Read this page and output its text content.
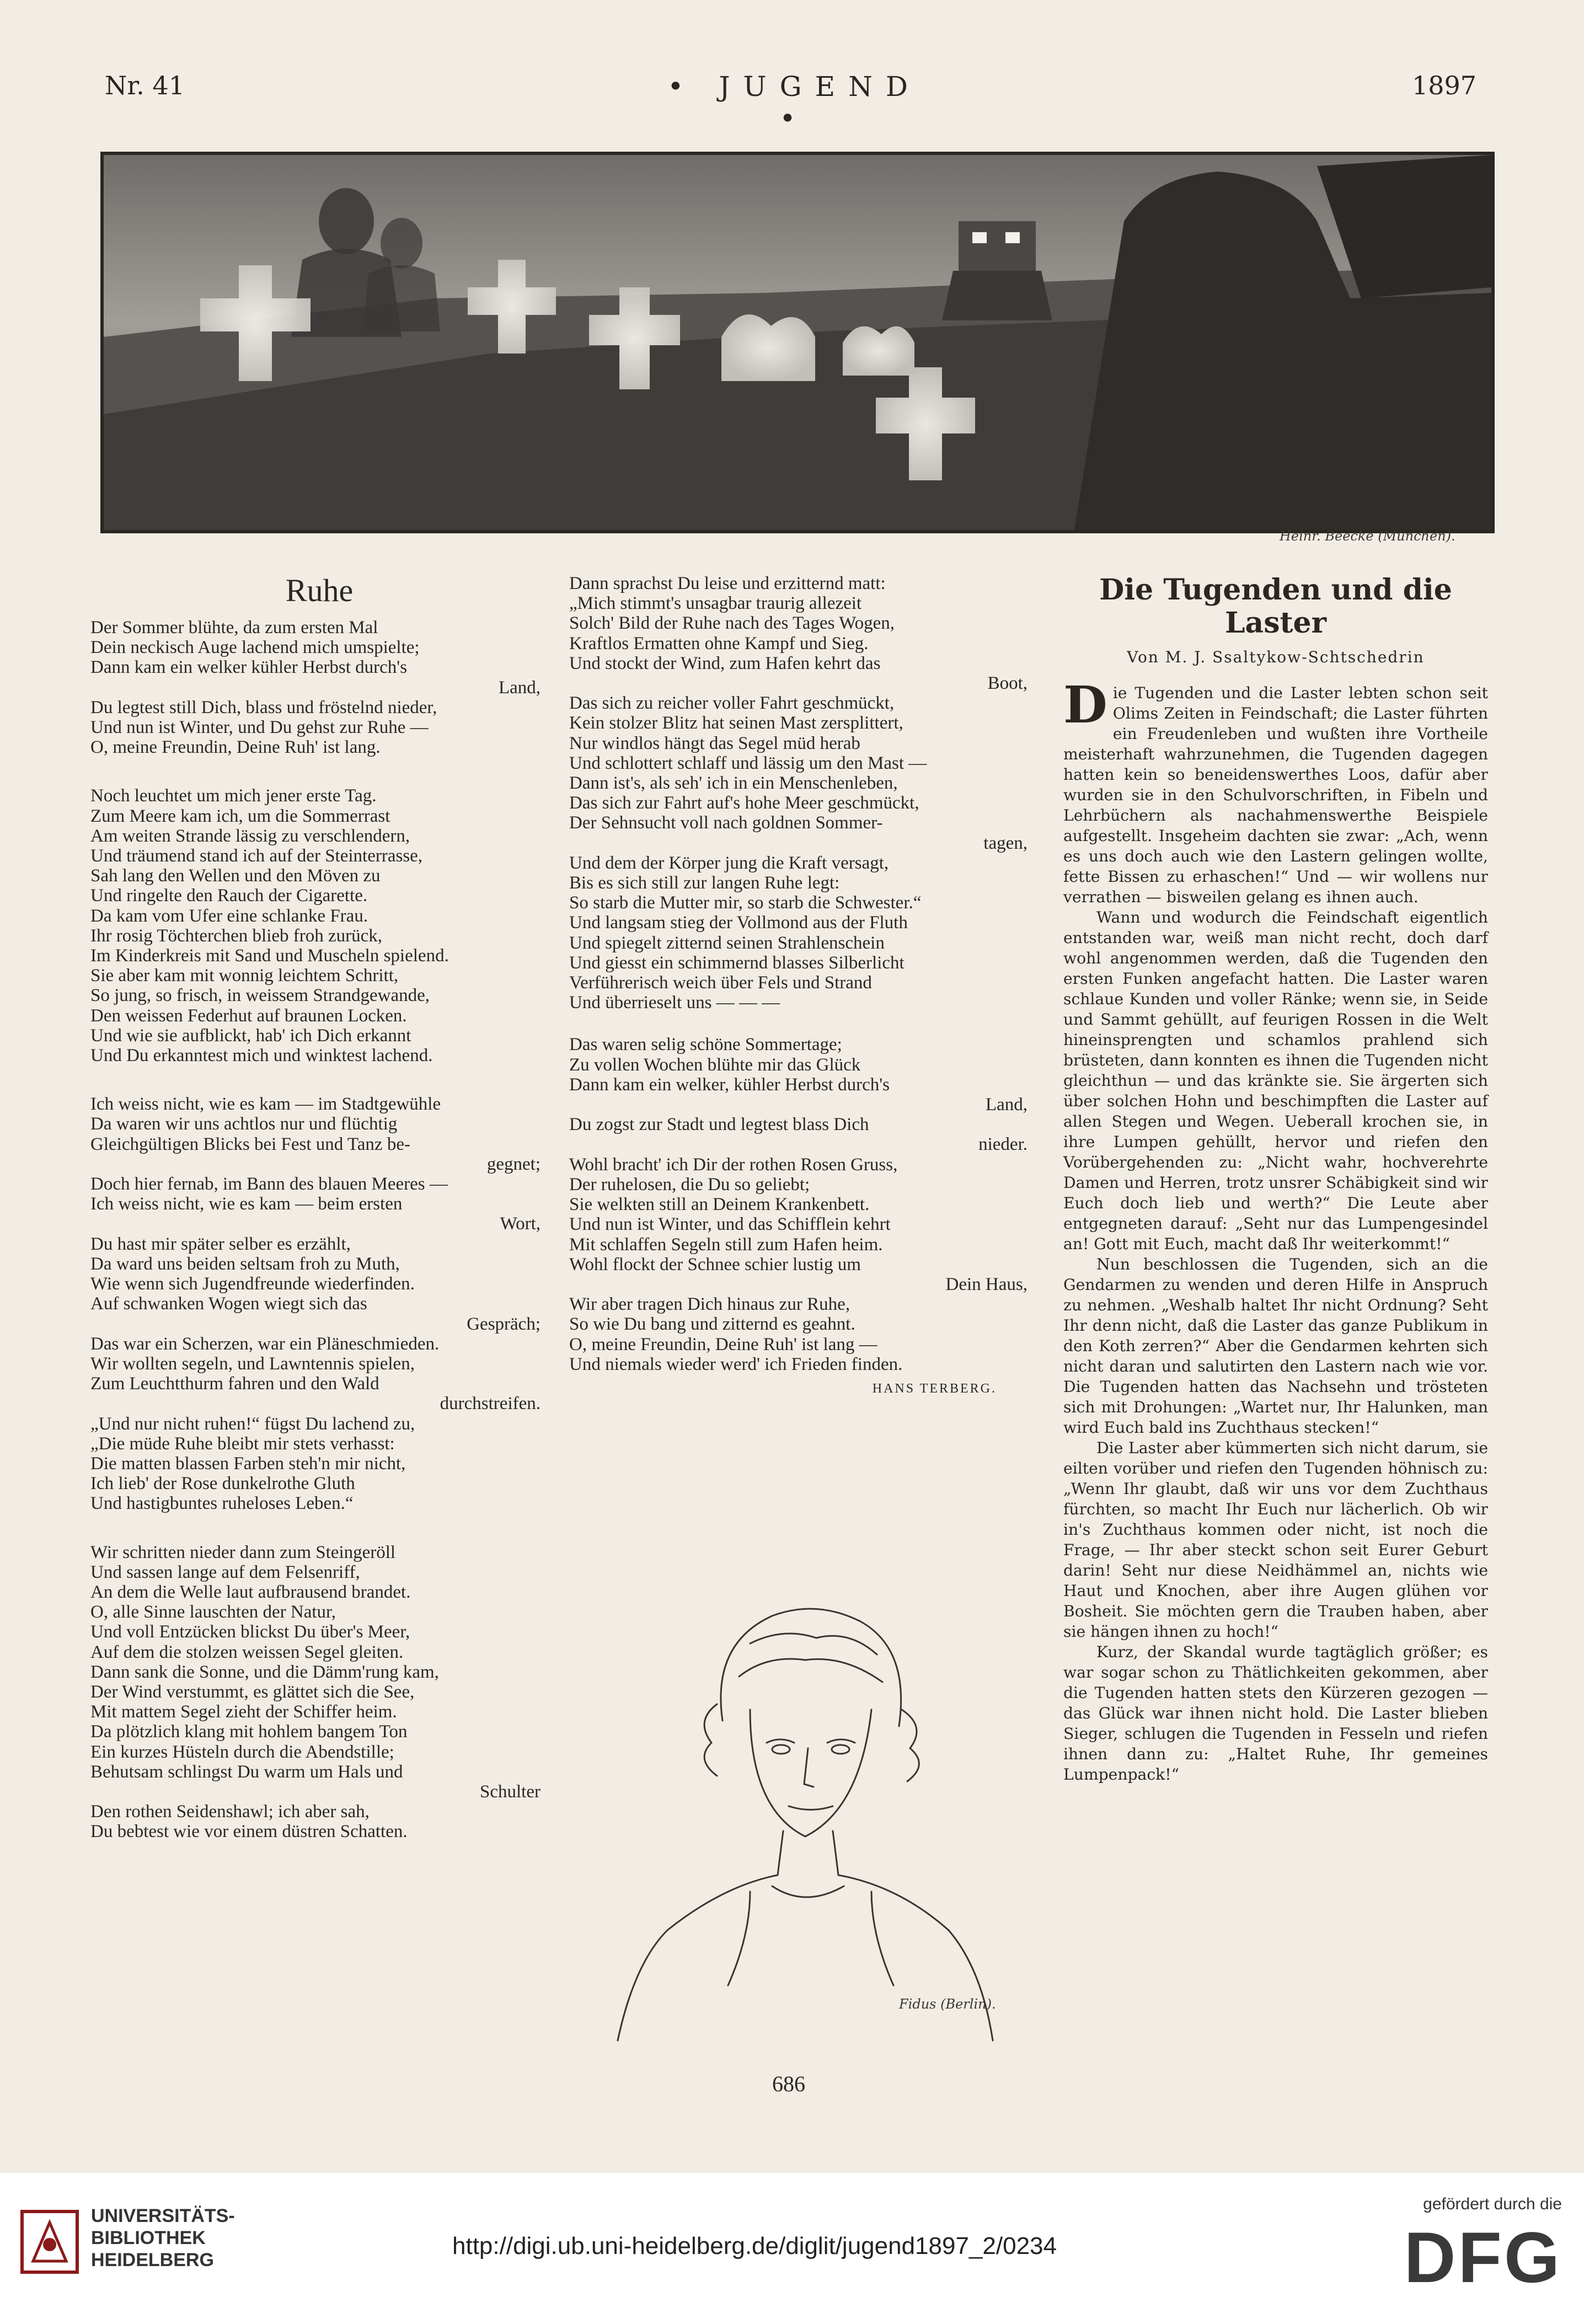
Nr. 41	• JUGEND •
1897
Heinr. Beecke (München).
Ruhe
Der Sommer blühte, da zum ersten Mal
Dein neckisch Auge lachend mich umspielte;
Dann kam ein welker kühler Herbst durch's
Land,
Du legtest still Dich, blass und fröstelnd nieder,
Und nun ist Winter, und Du gehst zur Ruhe —
O, meine Freundin, Deine Ruh' ist lang.
Noch leuchtet um mich jener erste Tag.
Zum Meere kam ich, um die Sommerrast
Am weiten Strande lässig zu verschlendern,
Und träumend stand ich auf der Steinterrasse,
Sah lang den Wellen und den Möven zu
Und ringelte den Rauch der Cigarette.
Da kam vom Ufer eine schlanke Frau.
Ihr rosig Töchterchen blieb froh zurück,
Im Kinderkreis mit Sand und Muscheln spielend.
Sie aber kam mit wonnig leichtem Schritt,
So jung, so frisch, in weissem Strandgewande,
Den weissen Federhut auf braunen Locken.
Und wie sie aufblickt, hab' ich Dich erkannt
Und Du erkanntest mich und winktest lachend.
Ich weiss nicht, wie es kam — im Stadtgewühle
Da waren wir uns achtlos nur und flüchtig
Gleichgültigen Blicks bei Fest und Tanz be-
gegnet;
Doch hier fernab, im Bann des blauen Meeres —
Ich weiss nicht, wie es kam — beim ersten
Wort,
Du hast mir später selber es erzählt,
Da ward uns beiden seltsam froh zu Muth,
Wie wenn sich Jugendfreunde wiederfinden.
Auf schwanken Wogen wiegt sich das
Gespräch;
Das war ein Scherzen, war ein Pläneschmieden.
Wir wollten segeln, und Lawntennis spielen,
Zum Leuchtthurm fahren und den Wald
durchstreifen.
„Und nur nicht ruhen!“ fügst Du lachend zu,
„Die müde Ruhe bleibt mir stets verhasst:
Die matten blassen Farben steh'n mir nicht,
Ich lieb' der Rose dunkelrothe Gluth
Und hastigbuntes ruheloses Leben.“
Wir schritten nieder dann zum Steingeröll
Und sassen lange auf dem Felsenriff,
An dem die Welle laut aufbrausend brandet.
O, alle Sinne lauschten der Natur,
Und voll Entzücken blickst Du über's Meer,
Auf dem die stolzen weissen Segel gleiten.
Dann sank die Sonne, und die Dämm'rung kam,
Der Wind verstummt, es glättet sich die See,
Mit mattem Segel zieht der Schiffer heim.
Da plötzlich klang mit hohlem bangem Ton
Ein kurzes Hüsteln durch die Abendstille;
Behutsam schlingst Du warm um Hals und
Schulter
Den rothen Seidenshawl; ich aber sah,
Du bebtest wie vor einem düstren Schatten.
Dann sprachst Du leise und erzitternd matt:
„Mich stimmt's unsagbar traurig allezeit
Solch' Bild der Ruhe nach des Tages Wogen,
Kraftlos Ermatten ohne Kampf und Sieg.
Und stockt der Wind, zum Hafen kehrt das
Boot,
Das sich zu reicher voller Fahrt geschmückt,
Kein stolzer Blitz hat seinen Mast zersplittert,
Nur windlos hängt das Segel müd herab
Und schlottert schlaff und lässig um den Mast —
Dann ist's, als seh' ich in ein Menschenleben,
Das sich zur Fahrt auf's hohe Meer geschmückt,
Der Sehnsucht voll nach goldnen Sommer-
tagen,
Und dem der Körper jung die Kraft versagt,
Bis es sich still zur langen Ruhe legt:
So starb die Mutter mir, so starb die Schwester.“
Und langsam stieg der Vollmond aus der Fluth
Und spiegelt zitternd seinen Strahlenschein
Und giesst ein schimmernd blasses Silberlicht
Verführerisch weich über Fels und Strand
Und überrieselt uns — — —
Das waren selig schöne Sommertage;
Zu vollen Wochen blühte mir das Glück
Dann kam ein welker, kühler Herbst durch's
Land,
Du zogst zur Stadt und legtest blass Dich
nieder.
Wohl bracht' ich Dir der rothen Rosen Gruss,
Der ruhelosen, die Du so geliebt;
Sie welkten still an Deinem Krankenbett.
Und nun ist Winter, und das Schifflein kehrt
Mit schlaffen Segeln still zum Hafen heim.
Wohl flockt der Schnee schier lustig um
Dein Haus,
Wir aber tragen Dich hinaus zur Ruhe,
So wie Du bang und zitternd es geahnt.
O, meine Freundin, Deine Ruh' ist lang —
Und niemals wieder werd' ich Frieden finden.
HANS TERBERG.
Die Tugenden und die Laster
Von M. J. Ssaltykow-Schtschedrin

Die Tugenden und die Laster lebten schon seit Olims Zeiten in Feindschaft; die Laster führten ein Freudenleben und wußten ihre Vortheile meisterhaft wahrzunehmen, die Tugenden dagegen hatten kein so beneidenswerthes Loos, dafür aber wurden sie in den Schulvorschriften, in Fibeln und Lehrbüchern als nachahmenswerthe Beispiele aufgestellt. Insgeheim dachten sie zwar: „Ach, wenn es uns doch auch wie den Lastern gelingen wollte, fette Bissen zu erhaschen!“ Und — wir wollens nur verrathen — bisweilen gelang es ihnen auch.

Wann und wodurch die Feindschaft eigentlich entstanden war, weiß man nicht recht, doch darf wohl angenommen werden, daß die Tugenden den ersten Funken angefacht hatten. Die Laster waren schlaue Kunden und voller Ränke; wenn sie, in Seide und Sammt gehüllt, auf feurigen Rossen in die Welt hineinsprengten und schamlos prahlend sich brüsteten, dann konnten es ihnen die Tugenden nicht gleichthun — und das kränkte sie. Sie ärgerten sich über solchen Hohn und beschimpften die Laster auf allen Stegen und Wegen. Ueberall krochen sie, in ihre Lumpen gehüllt, hervor und riefen den Vorübergehenden zu: „Nicht wahr, hochverehrte Damen und Herren, trotz unsrer Schäbigkeit sind wir Euch doch lieb und werth?“ Die Leute aber entgegneten darauf: „Seht nur das Lumpengesindel an! Gott mit Euch, macht daß Ihr weiterkommt!“

Nun beschlossen die Tugenden, sich an die Gendarmen zu wenden und deren Hilfe in Anspruch zu nehmen. „Weshalb haltet Ihr nicht Ordnung? Seht Ihr denn nicht, daß die Laster das ganze Publikum in den Koth zerren?“ Aber die Gendarmen kehrten sich nicht daran und salutirten den Lastern nach wie vor. Die Tugenden hatten das Nachsehn und trösteten sich mit Drohungen: „Wartet nur, Ihr Halunken, man wird Euch bald ins Zuchthaus stecken!“

Die Laster aber kümmerten sich nicht darum, sie eilten vorüber und riefen den Tugenden höhnisch zu: „Wenn Ihr glaubt, daß wir uns vor dem Zuchthaus fürchten, so macht Ihr Euch nur lächerlich. Ob wir in's Zuchthaus kommen oder nicht, ist noch die Frage, — Ihr aber steckt schon seit Eurer Geburt darin! Seht nur diese Neidhämmel an, nichts wie Haut und Knochen, aber ihre Augen glühen vor Bosheit. Sie möchten gern die Trauben haben, aber sie hängen ihnen zu hoch!“

Kurz, der Skandal wurde tagtäglich größer; es war sogar schon zu Thätlichkeiten gekommen, aber die Tugenden hatten stets den Kürzeren gezogen — das Glück war ihnen nicht hold. Die Laster blieben Sieger, schlugen die Tugenden in Fesseln und riefen ihnen dann zu: „Haltet Ruhe, Ihr gemeines Lumpenpack!“

Fidus (Berlin).
686
UNIVERSITÄTS-
BIBLIOTHEK
HEIDELBERG
http://digi.ub.uni-heidelberg.de/diglit/jugend1897_2/0234
gefördert durch die
DFG
